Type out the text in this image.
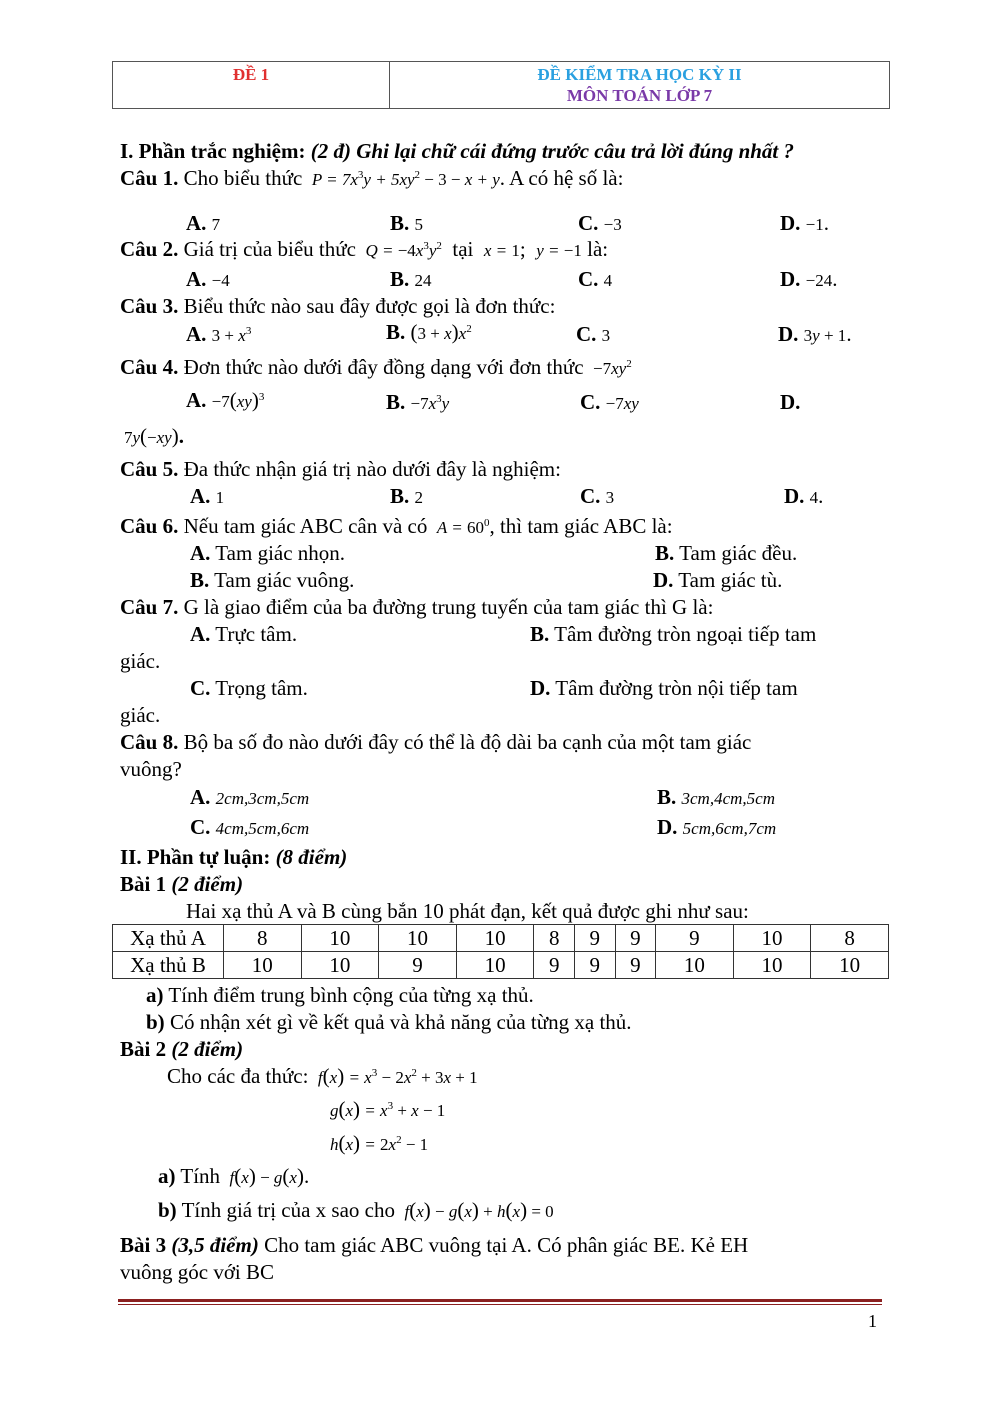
ĐỀ 1	ĐỀ KIỂM TRA HỌC KỲ II
MÔN TOÁN LỚP 7
I. Phần trắc nghiệm: (2 đ) Ghi lại chữ cái đứng trước câu trả lời đúng nhất ?
Câu 1. Cho biểu thức  $P = 7x^3y + 5xy^2 - 3 - x + y$. A có hệ số là:
A. 7	B. 5	C. −3	D. −1.
Câu 2. Giá trị của biểu thức  $Q = -4x^3y^2$ tại x = 1;  y = −1 là:
A. −4	B. 24	C. 4	D. −24.
Câu 3. Biểu thức nào sau đây được gọi là đơn thức:
A. $3 + x^3$	B. $(3 + x)x^2$	C. 3	D. 3y + 1.
Câu 4. Đơn thức nào dưới đây đồng dạng với đơn thức $-7xy^2$
A. −7(xy)$^3$	B. $-7x^3y$	C. −7xy	D.
7y(−xy).
Câu 5. Đa thức nhận giá trị nào dưới đây là nghiệm:
A. 1	B. 2	C. 3	D. 4.
Câu 6. Nếu tam giác ABC cân và có  $A = 60^0$, thì tam giác ABC là:
A. Tam giác nhọn.	B. Tam giác đều.
B. Tam giác vuông.	D. Tam giác tù.
Câu 7. G là giao điểm của ba đường trung tuyến của tam giác thì G là:
A. Trực tâm.	B. Tâm đường tròn ngoại tiếp tam
giác.
C. Trọng tâm.	D. Tâm đường tròn nội tiếp tam
giác.
Câu 8. Bộ ba số đo nào dưới đây có thể là độ dài ba cạnh của một tam giác
vuông?
A. 2cm,3cm,5cm	B. 3cm,4cm,5cm
C. 4cm,5cm,6cm	D. 5cm,6cm,7cm
II. Phần tự luận: (8 điểm)
Bài 1 (2 điểm)
Hai xạ thủ A và B cùng bắn 10 phát đạn, kết quả được ghi như sau:
Xạ thủ A	8	10	10	10	8	9	9	9	10	8
Xạ thủ B	10	10	9	10	9	9	9	10	10	10
a) Tính điểm trung bình cộng của từng xạ thủ.
b) Có nhận xét gì về kết quả và khả năng của từng xạ thủ.
Bài 2 (2 điểm)
Cho các đa thức:  $f(x) = x^3 - 2x^2 + 3x + 1$
$g(x) = x^3 + x - 1$
$h(x) = 2x^2 - 1$
a) Tính  f(x) − g(x).
b) Tính giá trị của x sao cho  f(x) − g(x) + h(x) = 0
Bài 3 (3,5 điểm) Cho tam giác ABC vuông tại A. Có phân giác BE. Kẻ EH
vuông góc với BC
1
